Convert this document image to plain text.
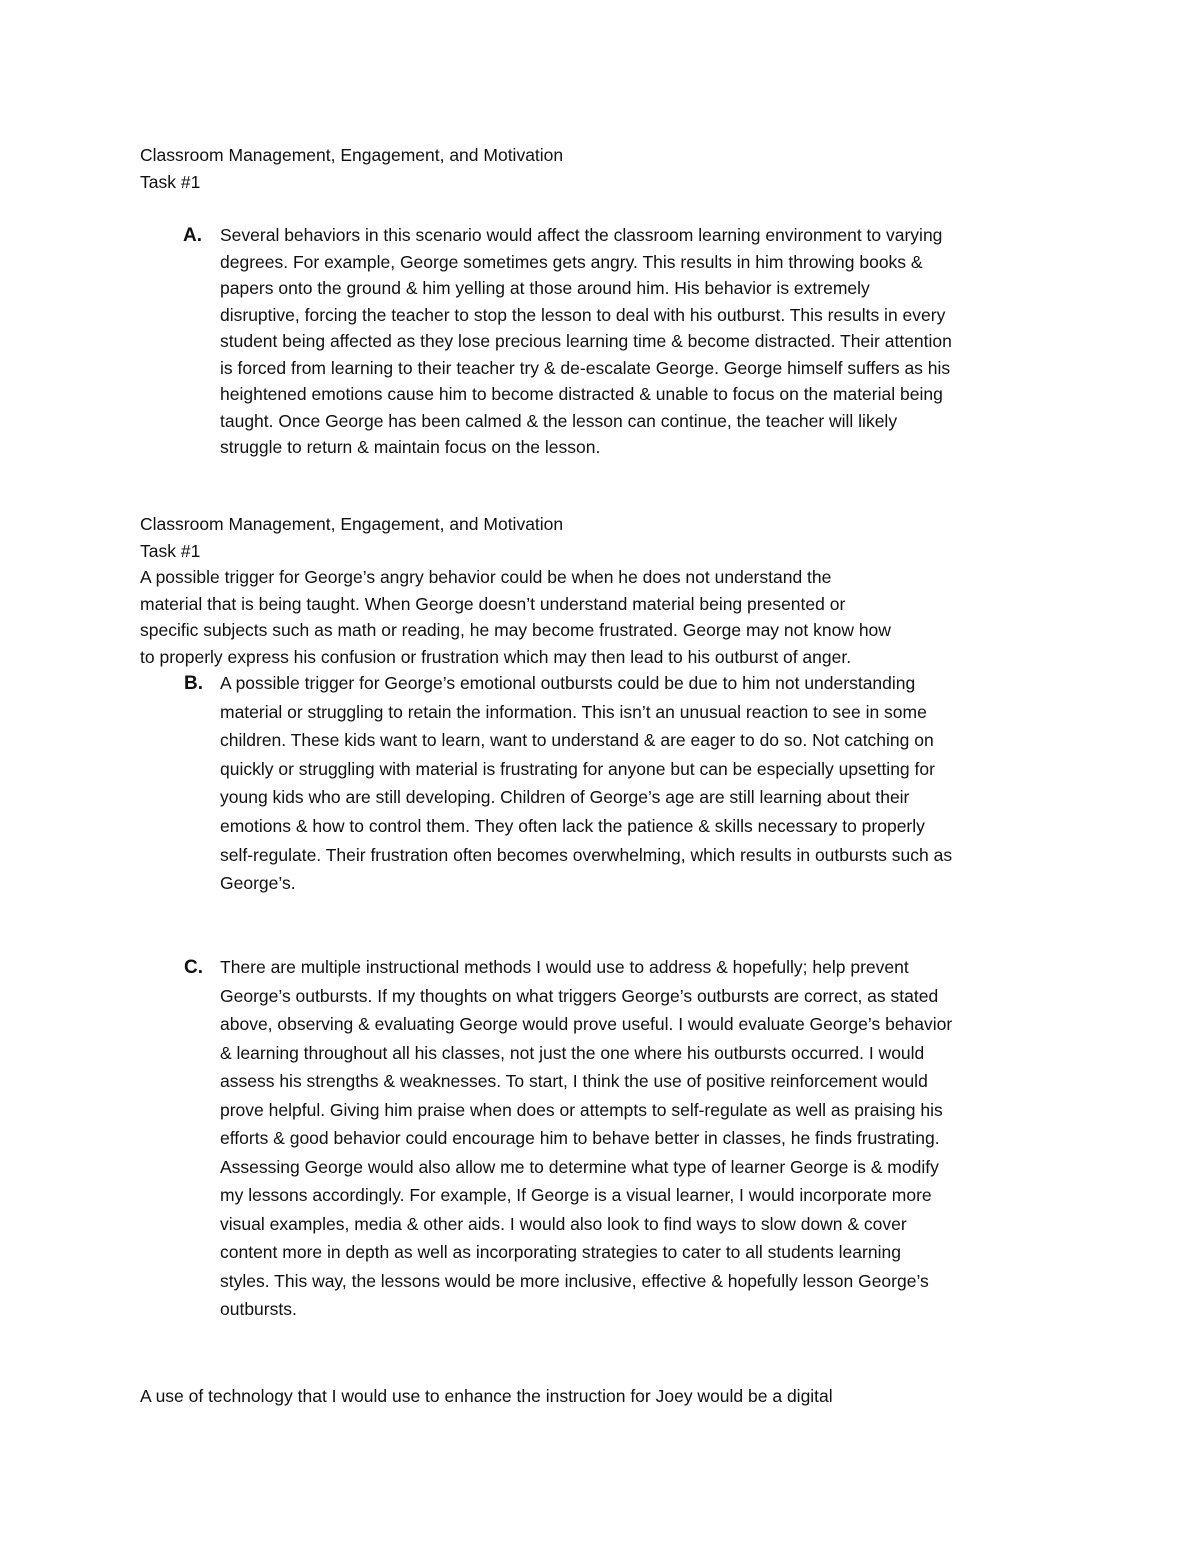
Classroom Management, Engagement, and Motivation
Task #1
A. Several behaviors in this scenario would affect the classroom learning environment to varying
degrees. For example, George sometimes gets angry. This results in him throwing books &
papers onto the ground & him yelling at those around him. His behavior is extremely
disruptive, forcing the teacher to stop the lesson to deal with his outburst. This results in every
student being affected as they lose precious learning time & become distracted. Their attention
is forced from learning to their teacher try & de-escalate George. George himself suffers as his
heightened emotions cause him to become distracted & unable to focus on the material being
taught. Once George has been calmed & the lesson can continue, the teacher will likely
struggle to return & maintain focus on the lesson.
Classroom Management, Engagement, and Motivation
Task #1
A possible trigger for George’s angry behavior could be when he does not understand the
material that is being taught. When George doesn’t understand material being presented or
specific subjects such as math or reading, he may become frustrated. George may not know how
to properly express his confusion or frustration which may then lead to his outburst of anger.
B. A possible trigger for George’s emotional outbursts could be due to him not understanding
material or struggling to retain the information. This isn’t an unusual reaction to see in some
children. These kids want to learn, want to understand & are eager to do so. Not catching on
quickly or struggling with material is frustrating for anyone but can be especially upsetting for
young kids who are still developing. Children of George’s age are still learning about their
emotions & how to control them. They often lack the patience & skills necessary to properly
self-regulate. Their frustration often becomes overwhelming, which results in outbursts such as
George’s.
C. There are multiple instructional methods I would use to address & hopefully; help prevent
George’s outbursts. If my thoughts on what triggers George’s outbursts are correct, as stated
above, observing & evaluating George would prove useful. I would evaluate George’s behavior
& learning throughout all his classes, not just the one where his outbursts occurred. I would
assess his strengths & weaknesses. To start, I think the use of positive reinforcement would
prove helpful. Giving him praise when does or attempts to self-regulate as well as praising his
efforts & good behavior could encourage him to behave better in classes, he finds frustrating.
Assessing George would also allow me to determine what type of learner George is & modify
my lessons accordingly. For example, If George is a visual learner, I would incorporate more
visual examples, media & other aids. I would also look to find ways to slow down & cover
content more in depth as well as incorporating strategies to cater to all students learning
styles. This way, the lessons would be more inclusive, effective & hopefully lesson George’s
outbursts.
A use of technology that I would use to enhance the instruction for Joey would be a digital
